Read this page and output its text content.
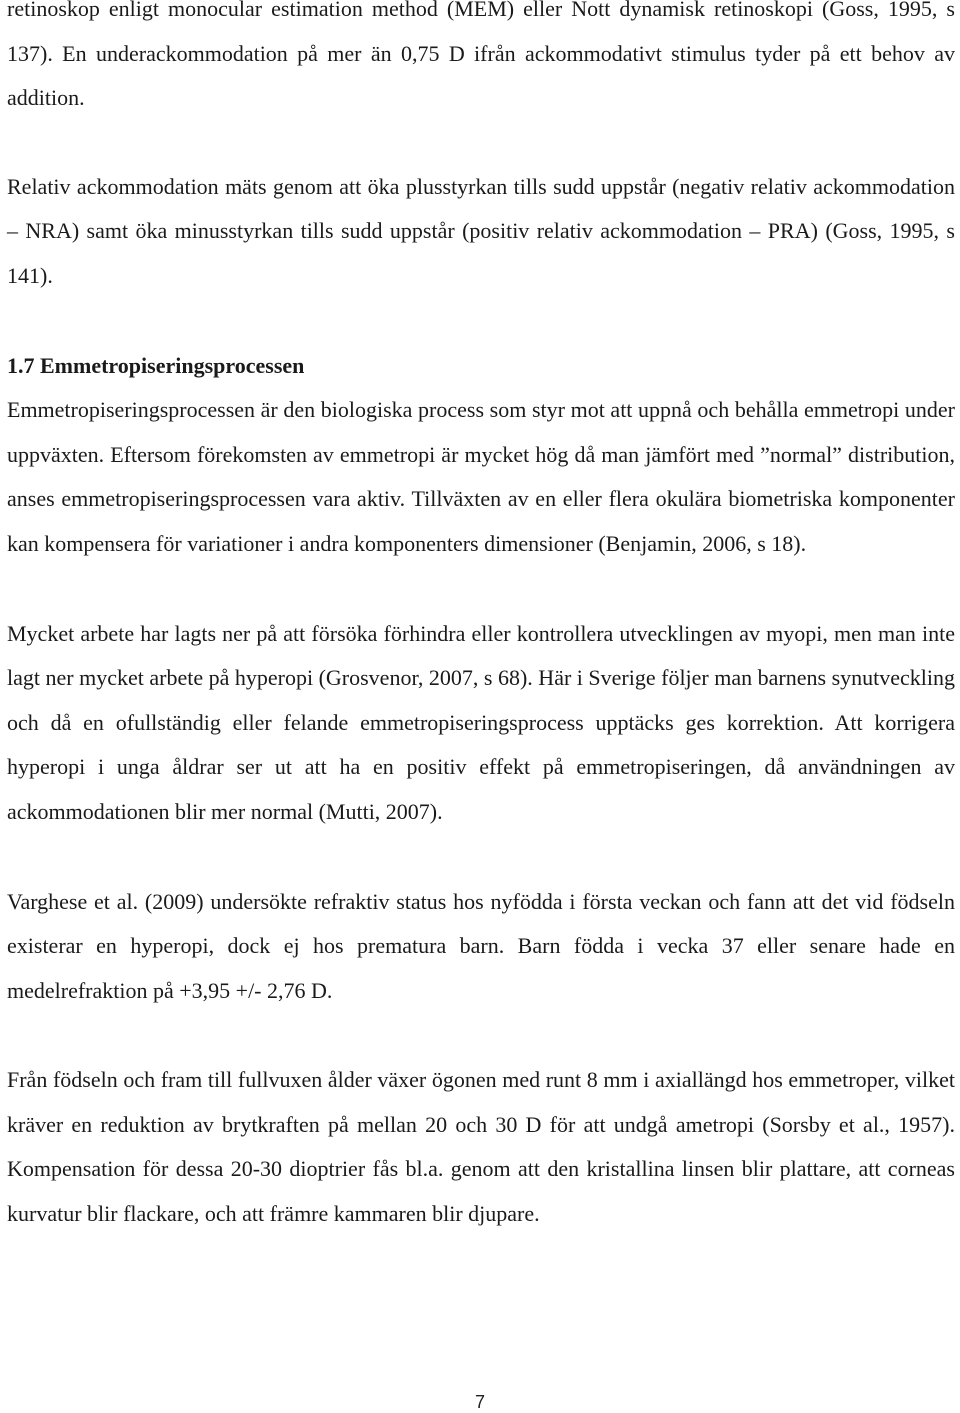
retinoskop enligt monocular estimation method (MEM) eller Nott dynamisk retinoskopi (Goss, 1995, s 137). En underackommodation på mer än 0,75 D ifrån ackommodativt stimulus tyder på ett behov av addition.

Relativ ackommodation mäts genom att öka plusstyrkan tills sudd uppstår (negativ relativ ackommodation – NRA) samt öka minusstyrkan tills sudd uppstår (positiv relativ ackommodation – PRA) (Goss, 1995, s 141).

1.7 Emmetropiseringsprocessen

Emmetropiseringsprocessen är den biologiska process som styr mot att uppnå och behålla emmetropi under uppväxten. Eftersom förekomsten av emmetropi är mycket hög då man jämfört med ”normal” distribution, anses emmetropiseringsprocessen vara aktiv. Tillväxten av en eller flera okulära biometriska komponenter kan kompensera för variationer i andra komponenters dimensioner (Benjamin, 2006, s 18).

Mycket arbete har lagts ner på att försöka förhindra eller kontrollera utvecklingen av myopi, men man inte lagt ner mycket arbete på hyperopi (Grosvenor, 2007, s 68). Här i Sverige följer man barnens synutveckling och då en ofullständig eller felande emmetropiseringsprocess upptäcks ges korrektion. Att korrigera hyperopi i unga åldrar ser ut att ha en positiv effekt på emmetropiseringen, då användningen av ackommodationen blir mer normal (Mutti, 2007).

Varghese et al. (2009) undersökte refraktiv status hos nyfödda i första veckan och fann att det vid födseln existerar en hyperopi, dock ej hos prematura barn. Barn födda i vecka 37 eller senare hade en medelrefraktion på +3,95 +/- 2,76 D.

Från födseln och fram till fullvuxen ålder växer ögonen med runt 8 mm i axiallängd hos emmetroper, vilket kräver en reduktion av brytkraften på mellan 20 och 30 D för att undgå ametropi (Sorsby et al., 1957). Kompensation för dessa 20-30 dioptrier fås bl.a. genom att den kristallina linsen blir plattare, att corneas kurvatur blir flackare, och att främre kammaren blir djupare.

7
